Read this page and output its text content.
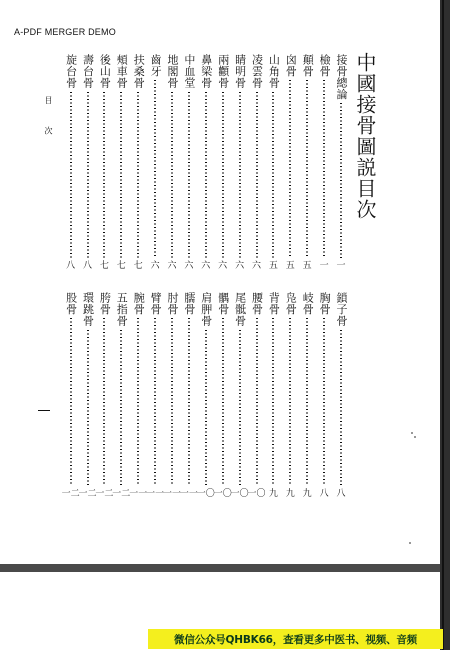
A-PDF MERGER DEMO
中國接骨圖説目次
目 次
接骨總論
一
檢骨
一
顛骨
五
囟骨
五
山角骨
五
凌雲骨
六
睛明骨
六
兩顴骨
六
鼻梁骨
六
中血堂
六
地閣骨
六
齒牙
六
扶桑骨
七
頰車骨
七
後山骨
七
壽台骨
八
旋台骨
八
鎖子骨
八
胸骨
八
岐骨
九
凫骨
九
背骨
九
腰骨
一〇
尾骶骨
一〇
髃骨
一〇
肩胛骨
一〇
臑骨
一一
肘骨
一一
臂骨
一一
腕骨
一一
五指骨
一二
胯骨
一二
環跳骨
一二
股骨
一二
微信公众号QHBK66，查看更多中医书、视频、音频
